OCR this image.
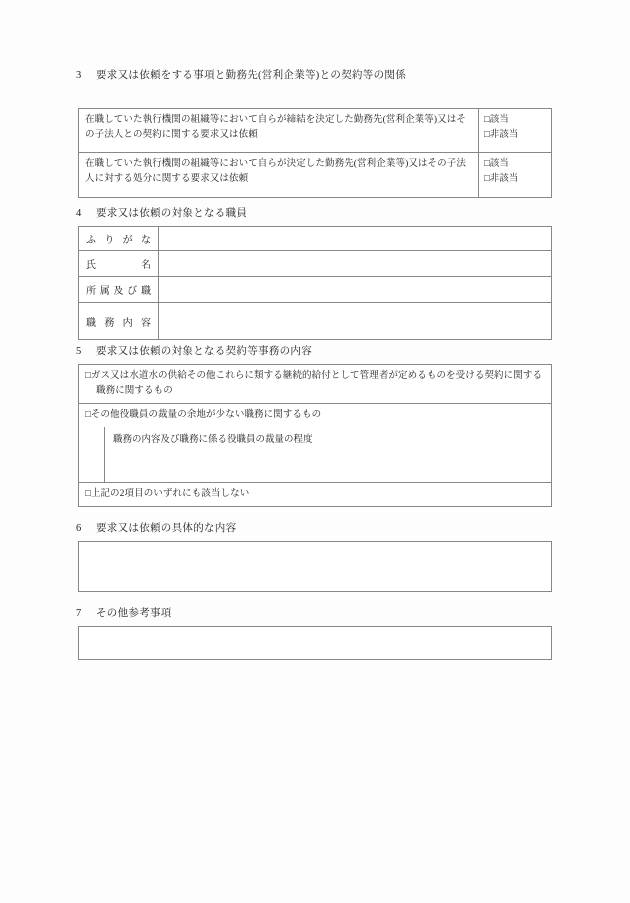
3 要求又は依頼をする事項と勤務先(営利企業等)との契約等の関係
在職していた執行機関の組織等において自らが締結を決定した勤務先(営利企業等)又はその子法人との契約に関する要求又は依頼
□該当
□非該当
在職していた執行機関の組織等において自らが決定した勤務先(営利企業等)又はその子法人に対する処分に関する要求又は依頼
□該当
□非該当
4 要求又は依頼の対象となる職員
ふ り が な
氏	名
所 属 及 び 職
職 務 内 容
5 要求又は依頼の対象となる契約等事務の内容
□ガス又は水道水の供給その他これらに類する継続的給付として管理者が定めるものを受ける契約に関する職務に関するもの
□その他役職員の裁量の余地が少ない職務に関するもの
職務の内容及び職務に係る役職員の裁量の程度
□上記の2項目のいずれにも該当しない
6 要求又は依頼の具体的な内容
7 その他参考事項
